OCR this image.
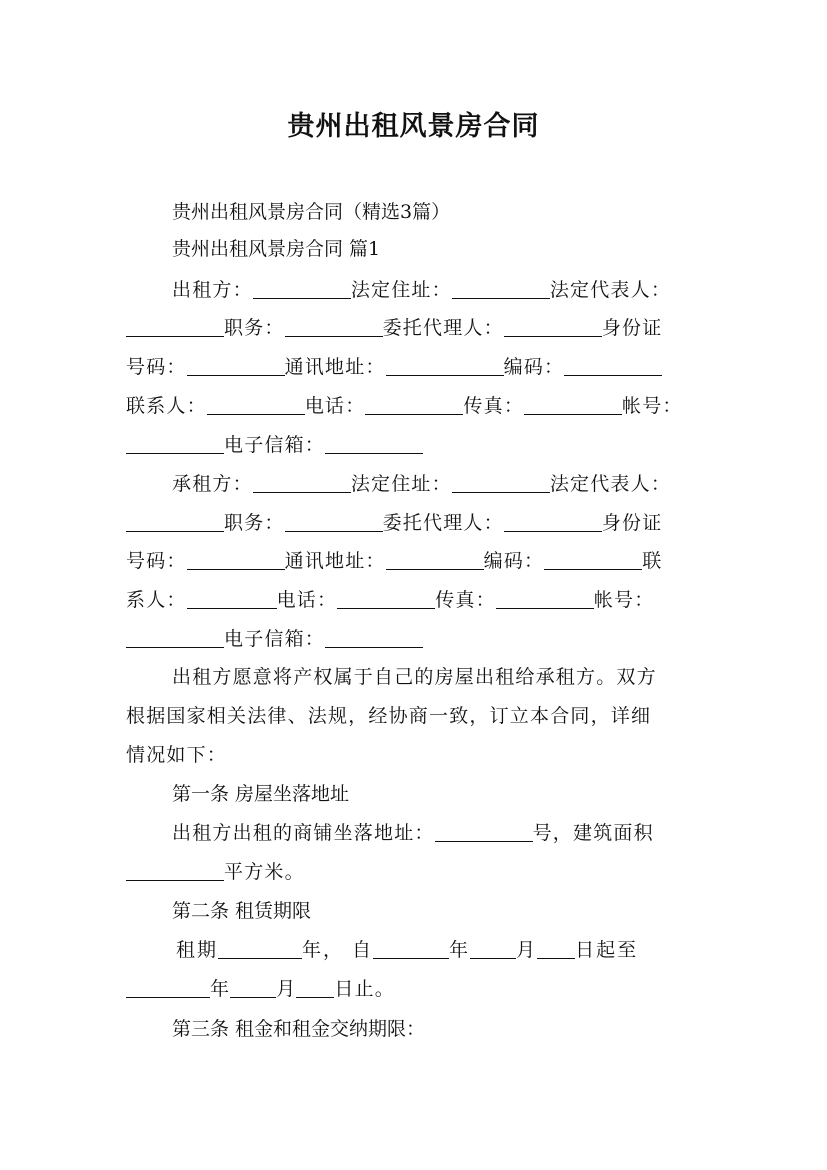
贵州出租风景房合同
贵州出租风景房合同（精选3篇）
贵州出租风景房合同 篇1
出租方：	法定住址：	法定代表人：
职务：	委托代理人：	身份证
号码：	通讯地址：	编码：
联系人：	电话：	传真：	帐号：
电子信箱：
承租方：	法定住址：	法定代表人：
职务：	委托代理人：	身份证
号码：	通讯地址：	编码：	联
系人：	电话：	传真：	帐号：
电子信箱：
出租方愿意将产权属于自己的房屋出租给承租方。双方
根据国家相关法律、法规，经协商一致，订立本合同，详细
情况如下：
第一条 房屋坐落地址
出租方出租的商铺坐落地址：	号，建筑面积
平方米。
第二条 租赁期限
租期	年， 自	年 月 日起至
年 月 日止。
第三条 租金和租金交纳期限：
